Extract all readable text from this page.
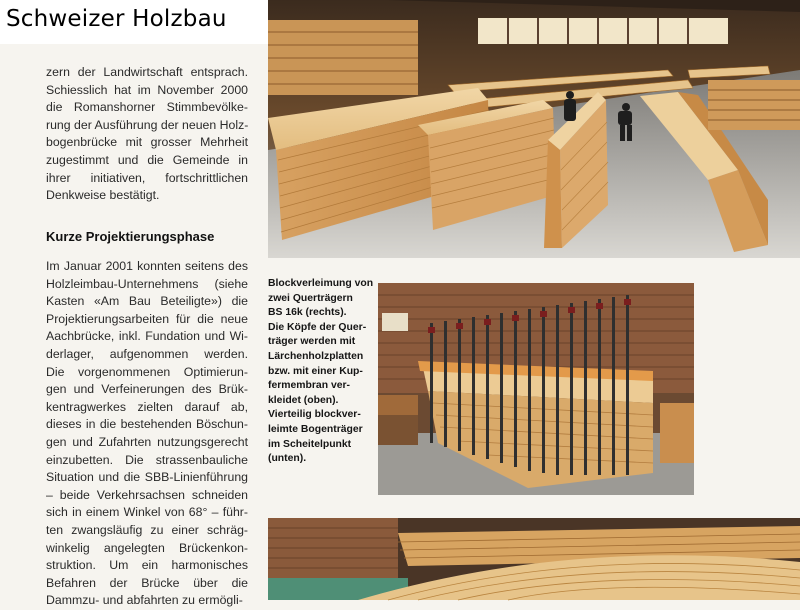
Schweizer Holzbau
zern der Landwirtschaft entsprach.
Schiesslich hat im November 2000
die Romanshorner Stimmbevölke-
rung der Ausführung der neuen Holz-
bogenbrücke mit grosser Mehrheit
zugestimmt und die Gemeinde in
ihrer initiativen, fortschrittlichen
Denkweise bestätigt.
Kurze Projektierungsphase
Im Januar 2001 konnten seitens des
Holzleimbau-Unternehmens (siehe
Kasten «Am Bau Beteiligte») die
Projektierungsarbeiten für die neue
Aachbrücke, inkl. Fundation und Wi-
derlager, aufgenommen werden.
Die vorgenommenen Optimierun-
gen und Verfeinerungen des Brük-
kentragwerkes zielten darauf ab,
dieses in die bestehenden Böschun-
gen und Zufahrten nutzungsgerecht
einzubetten. Die strassenbauliche
Situation und die SBB-Linienführung
– beide Verkehrsachsen schneiden
sich in einem Winkel von 68° – führ-
ten zwangsläufig zu einer schräg-
winkelig angelegten Brückenkon-
struktion. Um ein harmonisches
Befahren der Brücke über die
Dammzu- und abfahrten zu ermögli-
Blockverleimung von
zwei Querträgern
BS 16k (rechts).
Die Köpfe der Quer-
träger werden mit
Lärchenholzplatten
bzw. mit einer Kup-
fermembran ver-
kleidet (oben).
Vierteilig blockver-
leimte Bogenträger
im Scheitelpunkt
(unten).
